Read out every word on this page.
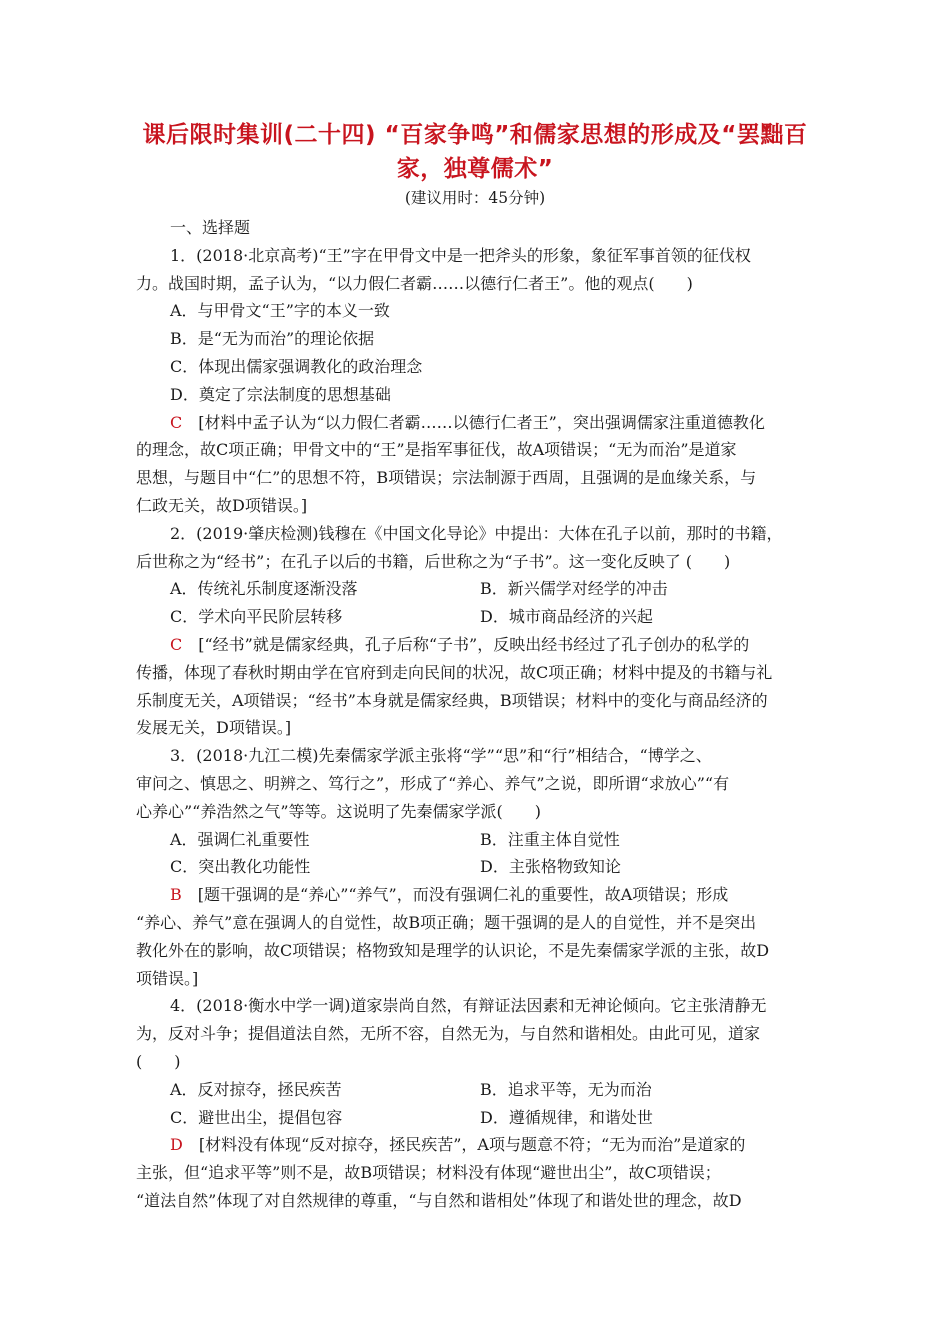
课后限时集训(二十四) “百家争鸣”和儒家思想的形成及“罢黜百
家，独尊儒术”
(建议用时：45分钟)

一、选择题

1．(2018·北京高考)“王”字在甲骨文中是一把斧头的形象，象征军事首领的征伐权

力。战国时期，孟子认为，“以力假仁者霸……以德行仁者王”。他的观点(　　)

A．与甲骨文“王”字的本义一致

B．是“无为而治”的理论依据

C．体现出儒家强调教化的政治理念

D．奠定了宗法制度的思想基础

C　[材料中孟子认为“以力假仁者霸……以德行仁者王”，突出强调儒家注重道德教化

的理念，故C项正确；甲骨文中的“王”是指军事征伐，故A项错误；“无为而治”是道家

思想，与题目中“仁”的思想不符，B项错误；宗法制源于西周，且强调的是血缘关系，与

仁政无关，故D项错误。]

2．(2019·肇庆检测)钱穆在《中国文化导论》中提出：大体在孔子以前，那时的书籍，

后世称之为“经书”；在孔子以后的书籍，后世称之为“子书”。这一变化反映了 (　　)

A．传统礼乐制度逐渐没落	B．新兴儒学对经学的冲击
C．学术向平民阶层转移	D．城市商品经济的兴起

C　[“经书”就是儒家经典，孔子后称“子书”，反映出经书经过了孔子创办的私学的

传播，体现了春秋时期由学在官府到走向民间的状况，故C项正确；材料中提及的书籍与礼

乐制度无关，A项错误；“经书”本身就是儒家经典，B项错误；材料中的变化与商品经济的

发展无关，D项错误。]

3．(2018·九江二模)先秦儒家学派主张将“学”“思”和“行”相结合，“博学之、

审问之、慎思之、明辨之、笃行之”，形成了“养心、养气”之说，即所谓“求放心”“有

心养心”“养浩然之气”等等。这说明了先秦儒家学派(　　)

A．强调仁礼重要性	B．注重主体自觉性
C．突出教化功能性	D．主张格物致知论

B　[题干强调的是“养心”“养气”，而没有强调仁礼的重要性，故A项错误；形成

“养心、养气”意在强调人的自觉性，故B项正确；题干强调的是人的自觉性，并不是突出

教化外在的影响，故C项错误；格物致知是理学的认识论，不是先秦儒家学派的主张，故D

项错误。]

4．(2018·衡水中学一调)道家崇尚自然，有辩证法因素和无神论倾向。它主张清静无

为，反对斗争；提倡道法自然，无所不容，自然无为，与自然和谐相处。由此可见，道家

(　　)

A．反对掠夺，拯民疾苦	B．追求平等，无为而治
C．避世出尘，提倡包容	D．遵循规律，和谐处世

D　[材料没有体现“反对掠夺，拯民疾苦”，A项与题意不符；“无为而治”是道家的

主张，但“追求平等”则不是，故B项错误；材料没有体现“避世出尘”，故C项错误；

“道法自然”体现了对自然规律的尊重，“与自然和谐相处”体现了和谐处世的理念，故D
